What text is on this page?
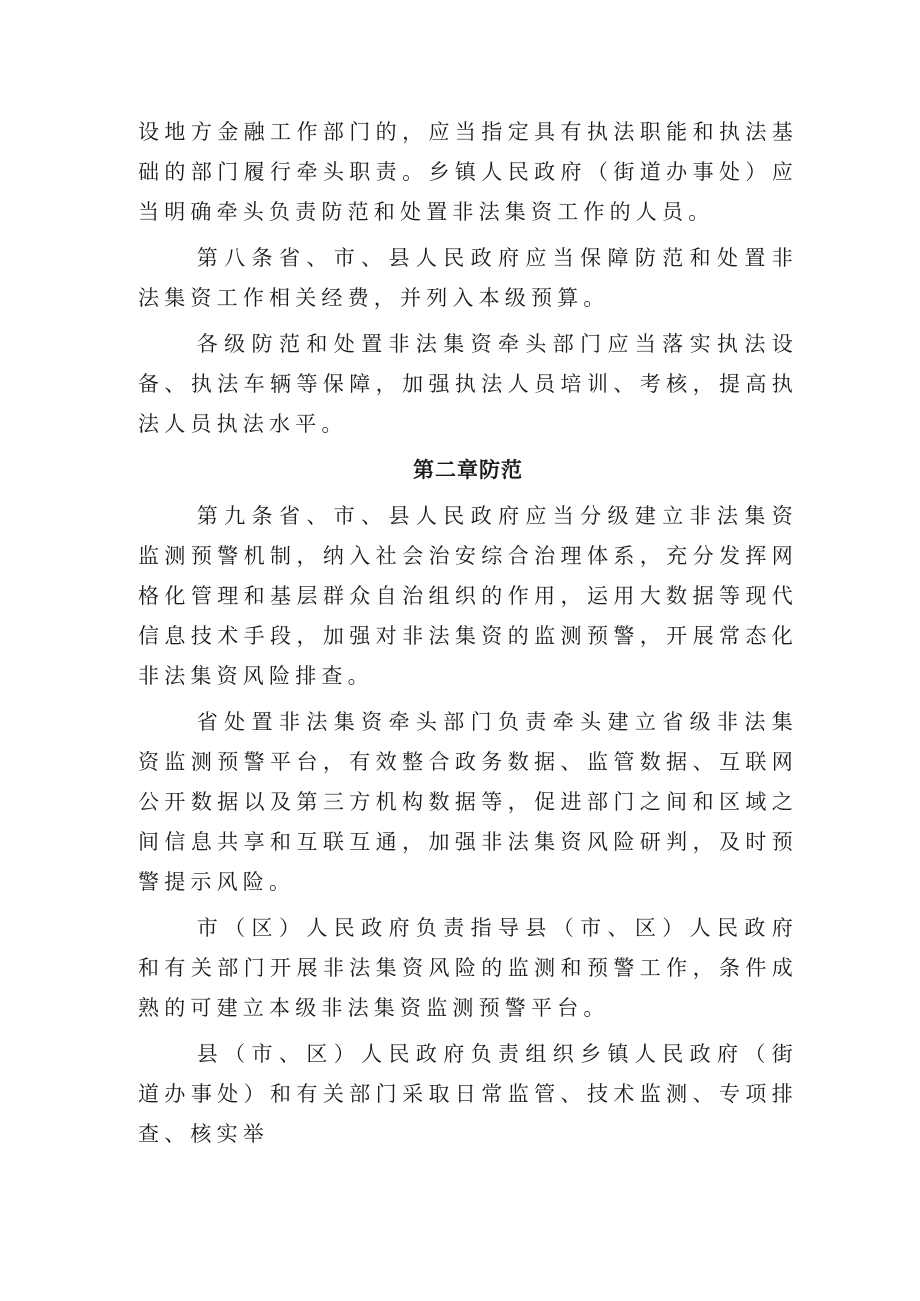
设地方金融工作部门的，应当指定具有执法职能和执法基础的部门履行牵头职责。乡镇人民政府（街道办事处）应当明确牵头负责防范和处置非法集资工作的人员。

第八条省、市、县人民政府应当保障防范和处置非法集资工作相关经费，并列入本级预算。

各级防范和处置非法集资牵头部门应当落实执法设备、执法车辆等保障，加强执法人员培训、考核，提高执法人员执法水平。

第二章防范

第九条省、市、县人民政府应当分级建立非法集资监测预警机制，纳入社会治安综合治理体系，充分发挥网格化管理和基层群众自治组织的作用，运用大数据等现代信息技术手段，加强对非法集资的监测预警，开展常态化非法集资风险排查。

省处置非法集资牵头部门负责牵头建立省级非法集资监测预警平台，有效整合政务数据、监管数据、互联网公开数据以及第三方机构数据等，促进部门之间和区域之间信息共享和互联互通，加强非法集资风险研判，及时预警提示风险。

市（区）人民政府负责指导县（市、区）人民政府和有关部门开展非法集资风险的监测和预警工作，条件成熟的可建立本级非法集资监测预警平台。

县（市、区）人民政府负责组织乡镇人民政府（街道办事处）和有关部门采取日常监管、技术监测、专项排查、核实举
